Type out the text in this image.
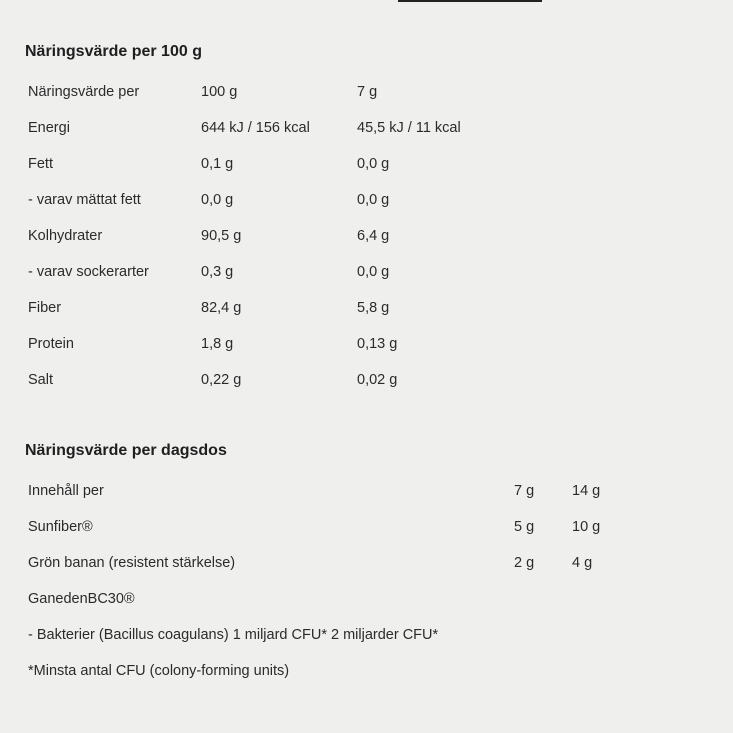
Näringsvärde per 100 g
Näringsvärde per	100 g	7 g
Energi	644 kJ / 156 kcal	45,5 kJ / 11 kcal
Fett	0,1 g	0,0 g
- varav mättat fett	0,0 g	0,0 g
Kolhydrater	90,5 g	6,4 g
- varav sockerarter	0,3 g	0,0 g
Fiber	82,4 g	5,8 g
Protein	1,8 g	0,13 g
Salt	0,22 g	0,02 g
Näringsvärde per dagsdos
Innehåll per	7 g	14 g
Sunfiber®	5 g	10 g
Grön banan (resistent stärkelse)	2 g	4 g
GanedenBC30®
- Bakterier (Bacillus coagulans) 1 miljard CFU* 2 miljarder CFU*
*Minsta antal CFU (colony-forming units)
